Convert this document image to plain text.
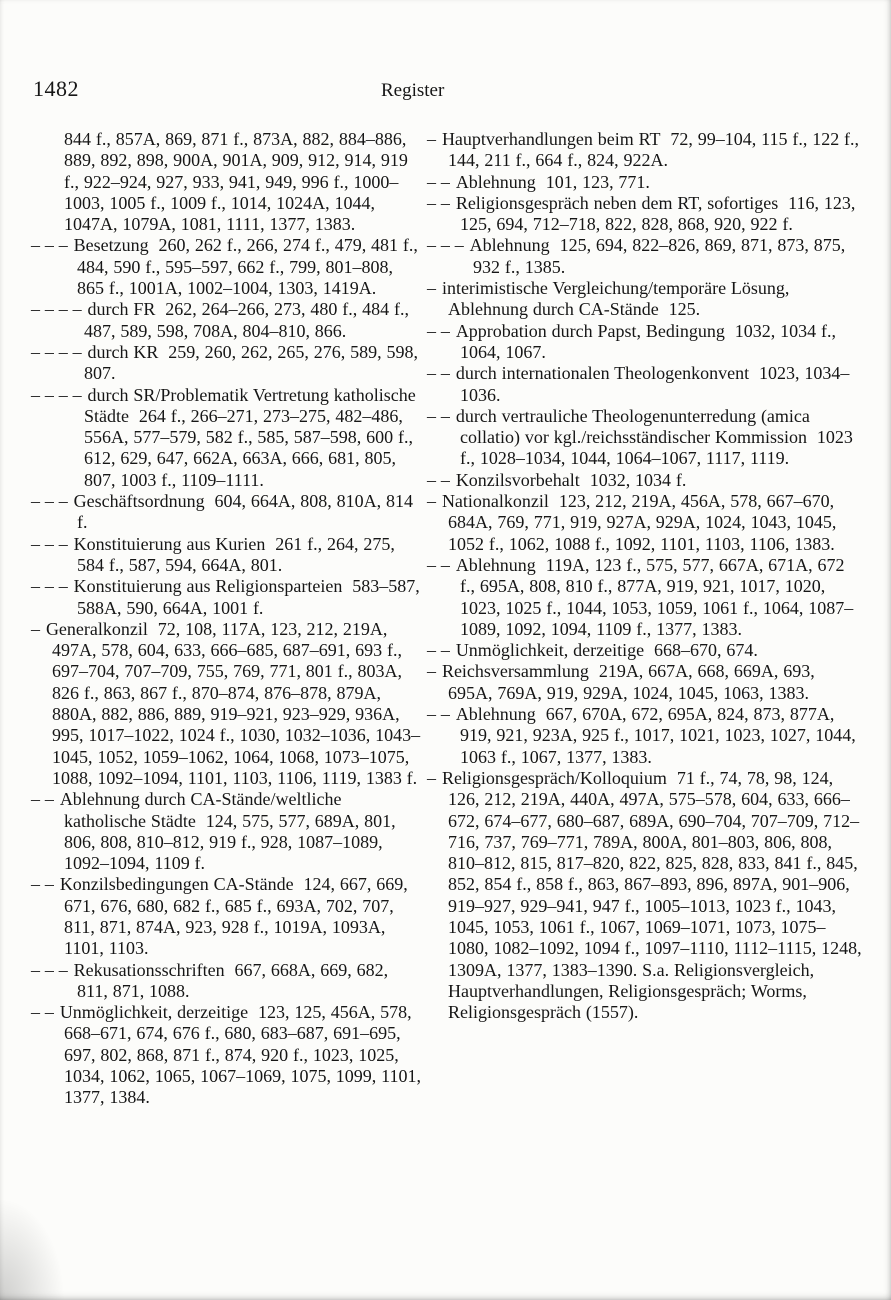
1482	Register
844 f., 857A, 869, 871 f., 873A, 882, 884–886, 889, 892, 898, 900A, 901A, 909, 912, 914, 919 f., 922–924, 927, 933, 941, 949, 996 f., 1000–1003, 1005 f., 1009 f., 1014, 1024A, 1044, 1047A, 1079A, 1081, 1111, 1377, 1383.
– – – Besetzung 260, 262 f., 266, 274 f., 479, 481 f., 484, 590 f., 595–597, 662 f., 799, 801–808, 865 f., 1001A, 1002–1004, 1303, 1419A.
– – – – durch FR 262, 264–266, 273, 480 f., 484 f., 487, 589, 598, 708A, 804–810, 866.
– – – – durch KR 259, 260, 262, 265, 276, 589, 598, 807.
– – – – durch SR/Problematik Vertretung katholische Städte 264 f., 266–271, 273–275, 482–486, 556A, 577–579, 582 f., 585, 587–598, 600 f., 612, 629, 647, 662A, 663A, 666, 681, 805, 807, 1003 f., 1109–1111.
– – – Geschäftsordnung 604, 664A, 808, 810A, 814 f.
– – – Konstituierung aus Kurien 261 f., 264, 275, 584 f., 587, 594, 664A, 801.
– – – Konstituierung aus Religionsparteien 583–587, 588A, 590, 664A, 1001 f.
– Generalkonzil 72, 108, 117A, 123, 212, 219A, 497A, 578, 604, 633, 666–685, 687–691, 693 f., 697–704, 707–709, 755, 769, 771, 801 f., 803A, 826 f., 863, 867 f., 870–874, 876–878, 879A, 880A, 882, 886, 889, 919–921, 923–929, 936A, 995, 1017–1022, 1024 f., 1030, 1032–1036, 1043–1045, 1052, 1059–1062, 1064, 1068, 1073–1075, 1088, 1092–1094, 1101, 1103, 1106, 1119, 1383 f.
– – Ablehnung durch CA-Stände/weltliche katholische Städte 124, 575, 577, 689A, 801, 806, 808, 810–812, 919 f., 928, 1087–1089, 1092–1094, 1109 f.
– – Konzilsbedingungen CA-Stände 124, 667, 669, 671, 676, 680, 682 f., 685 f., 693A, 702, 707, 811, 871, 874A, 923, 928 f., 1019A, 1093A, 1101, 1103.
– – – Rekusationsschriften 667, 668A, 669, 682, 811, 871, 1088.
– – Unmöglichkeit, derzeitige 123, 125, 456A, 578, 668–671, 674, 676 f., 680, 683–687, 691–695, 697, 802, 868, 871 f., 874, 920 f., 1023, 1025, 1034, 1062, 1065, 1067–1069, 1075, 1099, 1101, 1377, 1384.
– Hauptverhandlungen beim RT 72, 99–104, 115 f., 122 f., 144, 211 f., 664 f., 824, 922A.
– – Ablehnung 101, 123, 771.
– – Religionsgespräch neben dem RT, sofortiges 116, 123, 125, 694, 712–718, 822, 828, 868, 920, 922 f.
– – – Ablehnung 125, 694, 822–826, 869, 871, 873, 875, 932 f., 1385.
– interimistische Vergleichung/temporäre Lösung, Ablehnung durch CA-Stände 125.
– – Approbation durch Papst, Bedingung 1032, 1034 f., 1064, 1067.
– – durch internationalen Theologenkonvent 1023, 1034–1036.
– – durch vertrauliche Theologenunterredung (amica collatio) vor kgl./reichsständischer Kommission 1023 f., 1028–1034, 1044, 1064–1067, 1117, 1119.
– – Konzilsvorbehalt 1032, 1034 f.
– Nationalkonzil 123, 212, 219A, 456A, 578, 667–670, 684A, 769, 771, 919, 927A, 929A, 1024, 1043, 1045, 1052 f., 1062, 1088 f., 1092, 1101, 1103, 1106, 1383.
– – Ablehnung 119A, 123 f., 575, 577, 667A, 671A, 672 f., 695A, 808, 810 f., 877A, 919, 921, 1017, 1020, 1023, 1025 f., 1044, 1053, 1059, 1061 f., 1064, 1087–1089, 1092, 1094, 1109 f., 1377, 1383.
– – Unmöglichkeit, derzeitige 668–670, 674.
– Reichsversammlung 219A, 667A, 668, 669A, 693, 695A, 769A, 919, 929A, 1024, 1045, 1063, 1383.
– – Ablehnung 667, 670A, 672, 695A, 824, 873, 877A, 919, 921, 923A, 925 f., 1017, 1021, 1023, 1027, 1044, 1063 f., 1067, 1377, 1383.
– Religionsgespräch/Kolloquium 71 f., 74, 78, 98, 124, 126, 212, 219A, 440A, 497A, 575–578, 604, 633, 666–672, 674–677, 680–687, 689A, 690–704, 707–709, 712–716, 737, 769–771, 789A, 800A, 801–803, 806, 808, 810–812, 815, 817–820, 822, 825, 828, 833, 841 f., 845, 852, 854 f., 858 f., 863, 867–893, 896, 897A, 901–906, 919–927, 929–941, 947 f., 1005–1013, 1023 f., 1043, 1045, 1053, 1061 f., 1067, 1069–1071, 1073, 1075–1080, 1082–1092, 1094 f., 1097–1110, 1112–1115, 1248, 1309A, 1377, 1383–1390. S.a. Religionsvergleich, Hauptverhandlungen, Religionsgespräch; Worms, Religionsgespräch (1557).
